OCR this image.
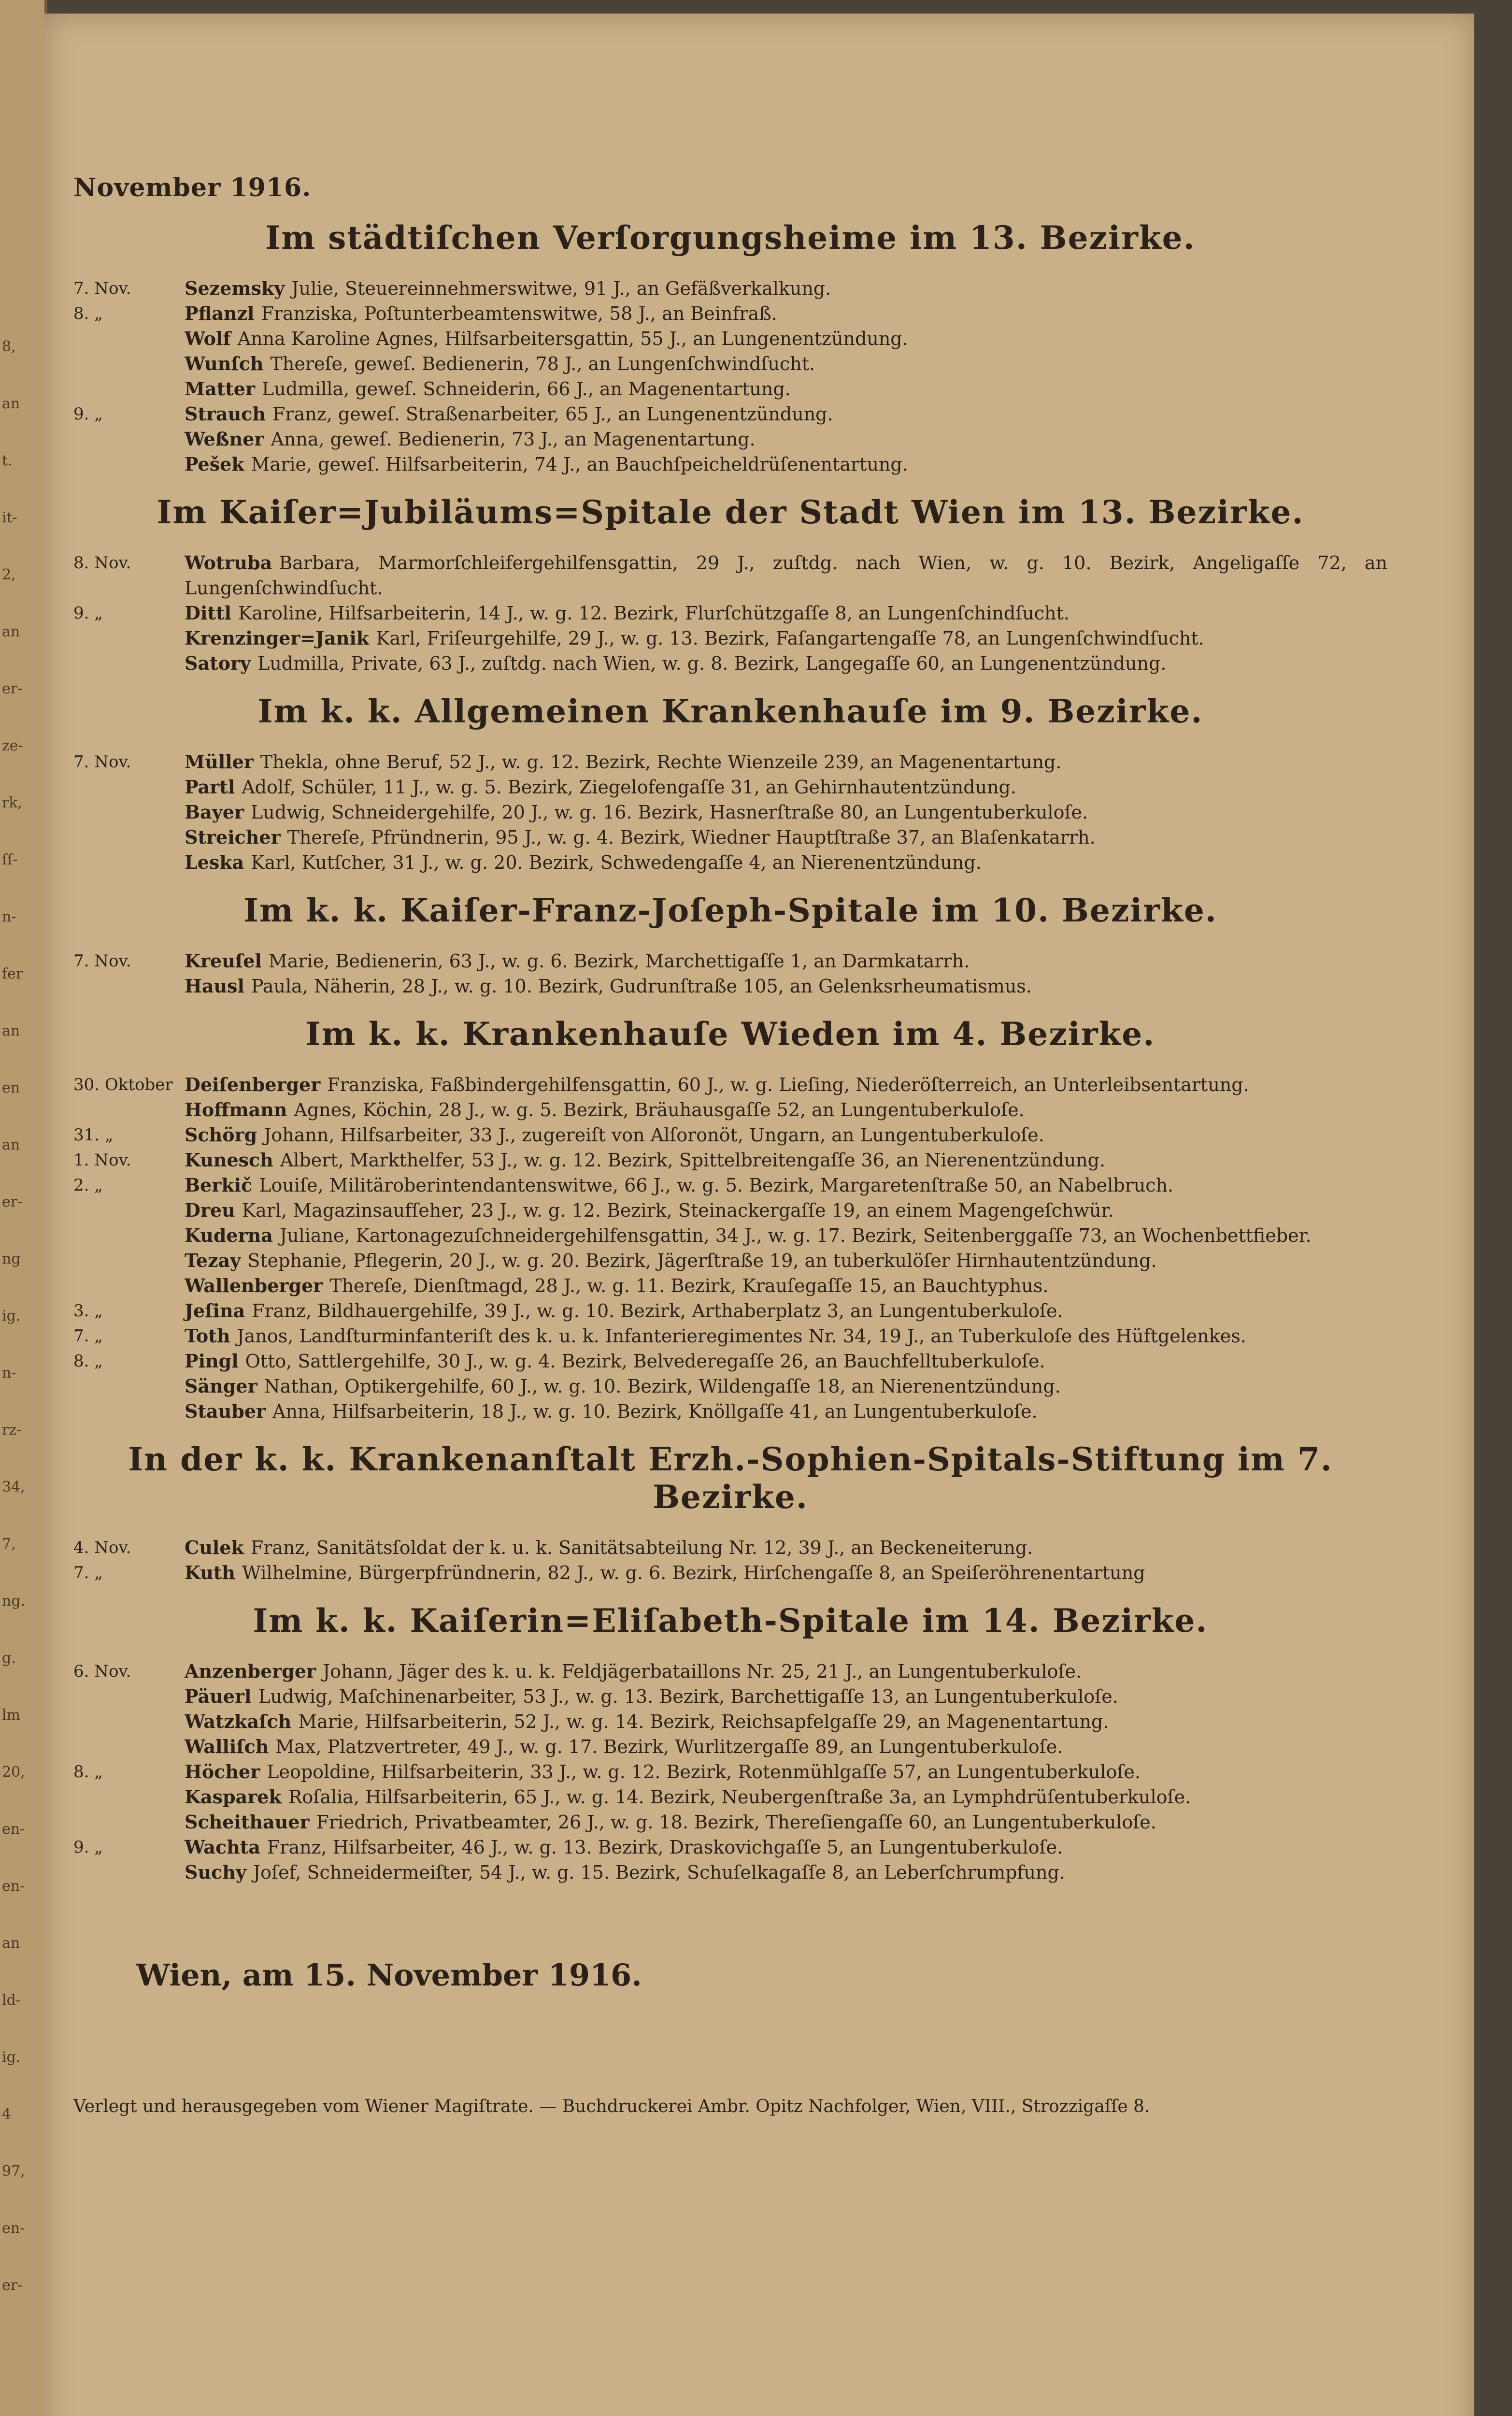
8,
an
t.
it-
2,
an
er-
ze-
rk,
ſſ-
n-
fer
an
en
an
er-
ng
ig.
n-
rz-
34,
7,
ng.
g.
lm
20,
en-
en-
an
ld-
ig.
4
97,
en-
er-
November 1916.
Im städtiſchen Verſorgungsheime im 13. Bezirke.
7. Nov.	Sezemsky Julie, Steuereinnehmerswitwe, 91 J., an Gefäßverkalkung.
8. „	Pflanzl Franziska, Poſtunterbeamtenswitwe, 58 J., an Beinfraß.
Wolf Anna Karoline Agnes, Hilfsarbeitersgattin, 55 J., an Lungenentzündung.
Wunſch Thereſe, geweſ. Bedienerin, 78 J., an Lungenſchwindſucht.
Matter Ludmilla, geweſ. Schneiderin, 66 J., an Magenentartung.
9. „	Strauch Franz, geweſ. Straßenarbeiter, 65 J., an Lungenentzündung.
Weßner Anna, geweſ. Bedienerin, 73 J., an Magenentartung.
Pešek Marie, geweſ. Hilfsarbeiterin, 74 J., an Bauchſpeicheldrüſenentartung.
Im Kaiſer=Jubiläums=Spitale der Stadt Wien im 13. Bezirke.
8. Nov.	Wotruba Barbara, Marmorſchleifergehilfensgattin, 29 J., zuſtdg. nach Wien, w. g. 10. Bezirk, Angeligaſſe 72, an Lungenſchwindſucht.
9. „	Dittl Karoline, Hilfsarbeiterin, 14 J., w. g. 12. Bezirk, Flurſchützgaſſe 8, an Lungenſchindſucht.
Krenzinger=Janik Karl, Friſeurgehilfe, 29 J., w. g. 13. Bezirk, Faſangartengaſſe 78, an Lungenſchwindſucht.
Satory Ludmilla, Private, 63 J., zuſtdg. nach Wien, w. g. 8. Bezirk, Langegaſſe 60, an Lungenentzündung.
Im k. k. Allgemeinen Krankenhauſe im 9. Bezirke.
7. Nov.	Müller Thekla, ohne Beruf, 52 J., w. g. 12. Bezirk, Rechte Wienzeile 239, an Magenentartung.
Partl Adolf, Schüler, 11 J., w. g. 5. Bezirk, Ziegelofengaſſe 31, an Gehirnhautentzündung.
Bayer Ludwig, Schneidergehilfe, 20 J., w. g. 16. Bezirk, Hasnerſtraße 80, an Lungentuberkuloſe.
Streicher Thereſe, Pfründnerin, 95 J., w. g. 4. Bezirk, Wiedner Hauptſtraße 37, an Blaſenkatarrh.
Leska Karl, Kutſcher, 31 J., w. g. 20. Bezirk, Schwedengaſſe 4, an Nierenentzündung.
Im k. k. Kaiſer-Franz-Joſeph-Spitale im 10. Bezirke.
7. Nov.	Kreuſel Marie, Bedienerin, 63 J., w. g. 6. Bezirk, Marchettigaſſe 1, an Darmkatarrh.
Hausl Paula, Näherin, 28 J., w. g. 10. Bezirk, Gudrunſtraße 105, an Gelenksrheumatismus.
Im k. k. Krankenhauſe Wieden im 4. Bezirke.
30. Oktober Deiſenberger Franziska, Faßbindergehilfensgattin, 60 J., w. g. Lieſing, Niederöſterreich, an Unterleibsentartung.
Hoffmann Agnes, Köchin, 28 J., w. g. 5. Bezirk, Bräuhausgaſſe 52, an Lungentuberkuloſe.
31. „	Schörg Johann, Hilfsarbeiter, 33 J., zugereiſt von Alſoronöt, Ungarn, an Lungentuberkuloſe.
1. Nov.	Kunesch Albert, Markthelfer, 53 J., w. g. 12. Bezirk, Spittelbreitengaſſe 36, an Nierenentzündung.
2. „	Berkič Louiſe, Militäroberintendantenswitwe, 66 J., w. g. 5. Bezirk, Margaretenſtraße 50, an Nabelbruch.
Dreu Karl, Magazinsaufſeher, 23 J., w. g. 12. Bezirk, Steinackergaſſe 19, an einem Magengeſchwür.
Kuderna Juliane, Kartonagezuſchneidergehilfensgattin, 34 J., w. g. 17. Bezirk, Seitenberggaſſe 73, an Wochenbettfieber.
Tezay Stephanie, Pflegerin, 20 J., w. g. 20. Bezirk, Jägerſtraße 19, an tuberkulöſer Hirnhautentzündung.
Wallenberger Thereſe, Dienſtmagd, 28 J., w. g. 11. Bezirk, Krauſegaſſe 15, an Bauchtyphus.
3. „	Jeſina Franz, Bildhauergehilfe, 39 J., w. g. 10. Bezirk, Arthaberplatz 3, an Lungentuberkuloſe.
7. „	Toth Janos, Landſturminfanteriſt des k. u. k. Infanterieregimentes Nr. 34, 19 J., an Tuberkuloſe des Hüftgelenkes.
8. „	Pingl Otto, Sattlergehilfe, 30 J., w. g. 4. Bezirk, Belvederegaſſe 26, an Bauchfelltuberkuloſe.
Sänger Nathan, Optikergehilfe, 60 J., w. g. 10. Bezirk, Wildengaſſe 18, an Nierenentzündung.
Stauber Anna, Hilfsarbeiterin, 18 J., w. g. 10. Bezirk, Knöllgaſſe 41, an Lungentuberkuloſe.
In der k. k. Krankenanſtalt Erzh.-Sophien-Spitals-Stiftung im 7. Bezirke.
4. Nov.	Culek Franz, Sanitätsſoldat der k. u. k. Sanitätsabteilung Nr. 12, 39 J., an Beckeneiterung.
7. „	Kuth Wilhelmine, Bürgerpfründnerin, 82 J., w. g. 6. Bezirk, Hirſchengaſſe 8, an Speiſeröhrenentartung
Im k. k. Kaiſerin=Eliſabeth-Spitale im 14. Bezirke.
6. Nov.	Anzenberger Johann, Jäger des k. u. k. Feldjägerbataillons Nr. 25, 21 J., an Lungentuberkuloſe.
Päuerl Ludwig, Maſchinenarbeiter, 53 J., w. g. 13. Bezirk, Barchettigaſſe 13, an Lungentuberkuloſe.
Watzkaſch Marie, Hilfsarbeiterin, 52 J., w. g. 14. Bezirk, Reichsapfelgaſſe 29, an Magenentartung.
Walliſch Max, Platzvertreter, 49 J., w. g. 17. Bezirk, Wurlitzergaſſe 89, an Lungentuberkuloſe.
8. „	Höcher Leopoldine, Hilfsarbeiterin, 33 J., w. g. 12. Bezirk, Rotenmühlgaſſe 57, an Lungentuberkuloſe.
Kasparek Roſalia, Hilfsarbeiterin, 65 J., w. g. 14. Bezirk, Neubergenſtraße 3a, an Lymphdrüſentuberkuloſe.
Scheithauer Friedrich, Privatbeamter, 26 J., w. g. 18. Bezirk, Thereſiengaſſe 60, an Lungentuberkuloſe.
9. „	Wachta Franz, Hilfsarbeiter, 46 J., w. g. 13. Bezirk, Draskovichgaſſe 5, an Lungentuberkuloſe.
Suchy Joſef, Schneidermeiſter, 54 J., w. g. 15. Bezirk, Schuſelkagaſſe 8, an Leberſchrumpfung.
Wien, am 15. November 1916.
Verlegt und herausgegeben vom Wiener Magiſtrate. — Buchdruckerei Ambr. Opitz Nachfolger, Wien, VIII., Strozzigaſſe 8.
